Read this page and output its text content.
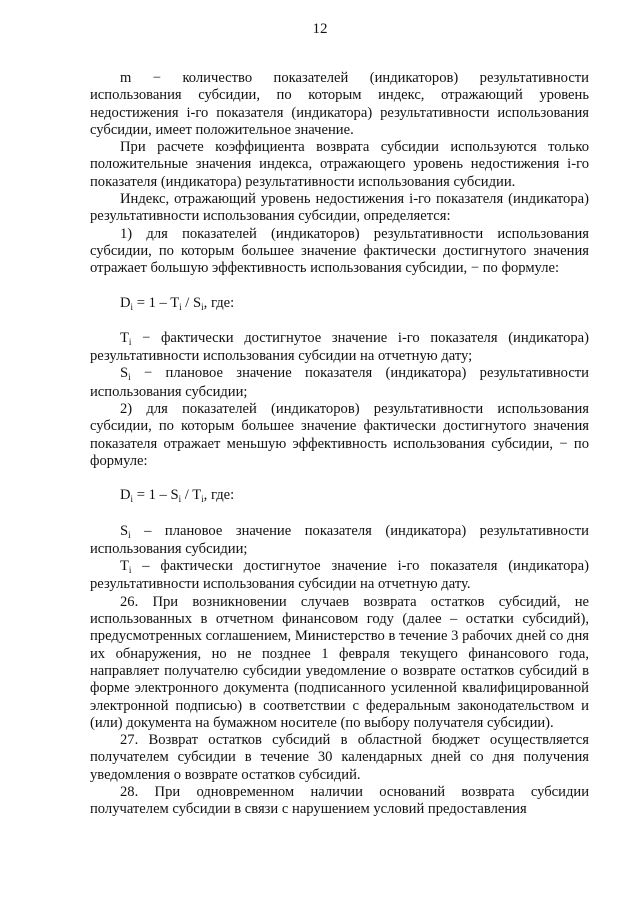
12

m − количество показателей (индикаторов) результативности использования субсидии, по которым индекс, отражающий уровень недостижения i-го показателя (индикатора) результативности использования субсидии, имеет положительное значение.

При расчете коэффициента возврата субсидии используются только положительные значения индекса, отражающего уровень недостижения i-го показателя (индикатора) результативности использования субсидии.

Индекс, отражающий уровень недостижения i-го показателя (индикатора) результативности использования субсидии, определяется:

1) для показателей (индикаторов) результативности использования субсидии, по которым большее значение фактически достигнутого значения отражает большую эффективность использования субсидии, − по формуле:

$D_i = 1 - T_i / S_i$, где:

$T_i$ − фактически достигнутое значение i-го показателя (индикатора) результативности использования субсидии на отчетную дату;

$S_i$ − плановое значение показателя (индикатора) результативности использования субсидии;

2) для показателей (индикаторов) результативности использования субсидии, по которым большее значение фактически достигнутого значения показателя отражает меньшую эффективность использования субсидии, − по формуле:

$D_i = 1 - S_i / T_i$, где:

$S_i$ – плановое значение показателя (индикатора) результативности использования субсидии;

$T_i$ – фактически достигнутое значение i-го показателя (индикатора) результативности использования субсидии на отчетную дату.

26. При возникновении случаев возврата остатков субсидий, не использованных в отчетном финансовом году (далее – остатки субсидий), предусмотренных соглашением, Министерство в течение 3 рабочих дней со дня их обнаружения, но не позднее 1 февраля текущего финансового года, направляет получателю субсидии уведомление о возврате остатков субсидий в форме электронного документа (подписанного усиленной квалифицированной электронной подписью) в соответствии с федеральным законодательством и (или) документа на бумажном носителе (по выбору получателя субсидии).

27. Возврат остатков субсидий в областной бюджет осуществляется получателем субсидии в течение 30 календарных дней со дня получения уведомления о возврате остатков субсидий.

28. При одновременном наличии оснований возврата субсидии получателем субсидии в связи с нарушением условий предоставления
